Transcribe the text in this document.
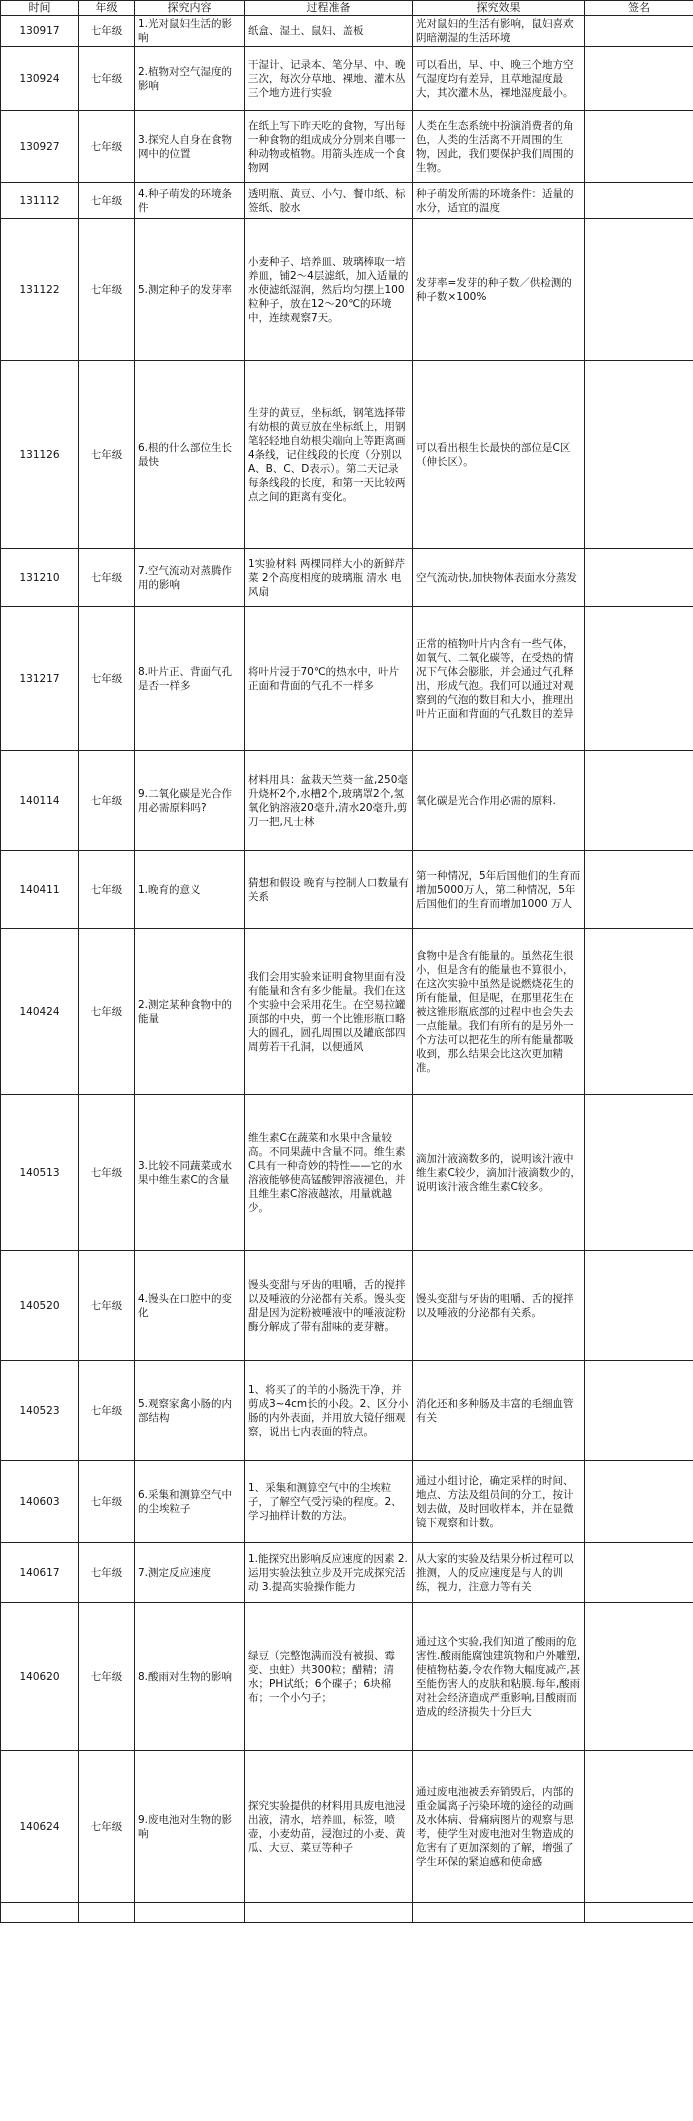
时间	年级	探究内容	过程准备	探究效果	签名
130917	七年级	1.光对鼠妇生活的影响	纸盒、湿土、鼠妇、盖板	光对鼠妇的生活有影响，鼠妇喜欢阴暗潮湿的生活环境	
130924	七年级	2.植物对空气湿度的影响	干湿计、记录本、笔分早、中、晚三次，每次分草地、裸地、灌木丛三个地方进行实验	可以看出，早、中、晚三个地方空气湿度均有差异，且草地湿度最大，其次灌木丛，裸地湿度最小。	
130927	七年级	3.探究人自身在食物网中的位置	在纸上写下昨天吃的食物，写出每一种食物的组成成分分别来自哪一种动物或植物。用箭头连成一个食物网	人类在生态系统中扮演消费者的角色，人类的生活离不开周围的生物，因此，我们要保护我们周围的生物。	
131112	七年级	4.种子萌发的环境条件	透明瓶、黄豆、小勺、餐巾纸、标签纸、胶水	种子萌发所需的环境条件：适量的水分，适宜的温度	
131122	七年级	5.测定种子的发芽率	小麦种子、培养皿、玻璃棒取一培养皿，铺2～4层滤纸，加入适量的水使滤纸湿润，然后均匀摆上100粒种子，放在12～20℃的环境中，连续观察7天。	发芽率=发芽的种子数／供检测的种子数×100%	
131126	七年级	6.根的什么部位生长最快	生芽的黄豆，坐标纸，钢笔选择带有幼根的黄豆放在坐标纸上，用钢笔轻轻地自幼根尖端向上等距离画4条线，记住线段的长度（分别以A、B、C、D表示）。第二天记录每条线段的长度，和第一天比较两点之间的距离有变化。	可以看出根生长最快的部位是C区（伸长区）。	
131210	七年级	7.空气流动对蒸腾作用的影响	1实验材料 两棵同样大小的新鲜芹菜 2个高度相度的玻璃瓶 清水 电风扇	空气流动快,加快物体表面水分蒸发	
131217	七年级	8.叶片正、背面气孔是否一样多	将叶片浸于70℃的热水中，叶片正面和背面的气孔不一样多	正常的植物叶片内含有一些气体，如氧气、二氧化碳等，在受热的情况下气体会膨胀，并会通过气孔释出，形成气泡。我们可以通过对观察到的气泡的数目和大小，推理出叶片正面和背面的气孔数目的差异	
140114	七年级	9.二氧化碳是光合作用必需原料吗?	材料用具：盆栽天竺葵一盆,250毫升烧杯2个,水槽2个,玻璃罩2个,氢氧化钠溶液20毫升,清水20毫升,剪刀一把,凡士林	氧化碳是光合作用必需的原料.	
140411	七年级	1.晚育的意义	猜想和假设 晚育与控制人口数量有关系	第一种情况，5年后国他们的生育而增加5000万人，第二种情况，5年后国他们的生育而增加1000 万人	
140424	七年级	2.测定某种食物中的能量	我们会用实验来证明食物里面有没有能量和含有多少能量。我们在这个实验中会采用花生。在空易拉罐顶部的中央，剪一个比锥形瓶口略大的圆孔，圆孔周围以及罐底部四周剪若干孔洞，以便通风	食物中是含有能量的。虽然花生很小，但是含有的能量也不算很小，在这次实验中虽然是说燃烧花生的所有能量，但是呢，在那里花生在被这锥形瓶底部的过程中也会失去一点能量。我们有所有的是另外一个方法可以把花生的所有能量都吸收到，那么结果会比这次更加精准。	
140513	七年级	3.比较不同蔬菜或水果中维生素C的含量	维生素C在蔬菜和水果中含量较高。不同果蔬中含量不同。维生素C具有一种奇妙的特性——它的水溶液能够使高锰酸钾溶液褪色，并且维生素C溶液越浓，用量就越少。	滴加汁液滴数多的，说明该汁液中维生素C较少，滴加汁液滴数少的，说明该汁液含维生素C较多。	
140520	七年级	4.馒头在口腔中的变化	馒头变甜与牙齿的咀嚼，舌的搅拌以及唾液的分泌都有关系。馒头变甜是因为淀粉被唾液中的唾液淀粉酶分解成了带有甜味的麦芽糖。	馒头变甜与牙齿的咀嚼、舌的搅拌以及唾液的分泌都有关系。	
140523	七年级	5.观察家禽小肠的内部结构	1、将买了的羊的小肠洗干净，并剪成3~4cm长的小段。2、区分小肠的内外表面，并用放大镜仔细观察，说出七内表面的特点。	消化还和多种肠及丰富的毛细血管有关	
140603	七年级	6.采集和测算空气中的尘埃粒子	1、采集和测算空气中的尘埃粒子，了解空气受污染的程度。2、学习抽样计数的方法。	通过小组讨论，确定采样的时间、地点、方法及组员间的分工，按计划去做，及时回收样本，并在显微镜下观察和计数。	
140617	七年级	7.测定反应速度	1.能探究出影响反应速度的因素 2.运用实验法独立步及开完成探究活动 3.提高实验操作能力	从大家的实验及结果分析过程可以推测，人的反应速度是与人的训练，视力，注意力等有关	
140620	七年级	8.酸雨对生物的影响	绿豆（完整饱满而没有被损、霉变、虫蛀）共300粒；醋精；清水；PH试纸；6个碟子；6块棉布；一个小勺子；	通过这个实验,我们知道了酸雨的危害性.酸雨能腐蚀建筑物和户外雕塑,使植物枯萎,令农作物大幅度减产,甚至能伤害人的皮肤和粘膜.每年,酸雨对社会经济造成严重影响,目酸雨而造成的经济损失十分巨大	
140624	七年级	9.废电池对生物的影响	探究实验提供的材料用具废电池浸出液，清水，培养皿，标签，喷壶，小麦幼苗，浸泡过的小麦、黄瓜、大豆、菜豆等种子	通过废电池被丢弃销毁后，内部的重金属离子污染环境的途径的动画及水体病、骨痛病图片的观察与思考，使学生对废电池对生物造成的危害有了更加深刻的了解，增强了学生环保的紧迫感和使命感	
